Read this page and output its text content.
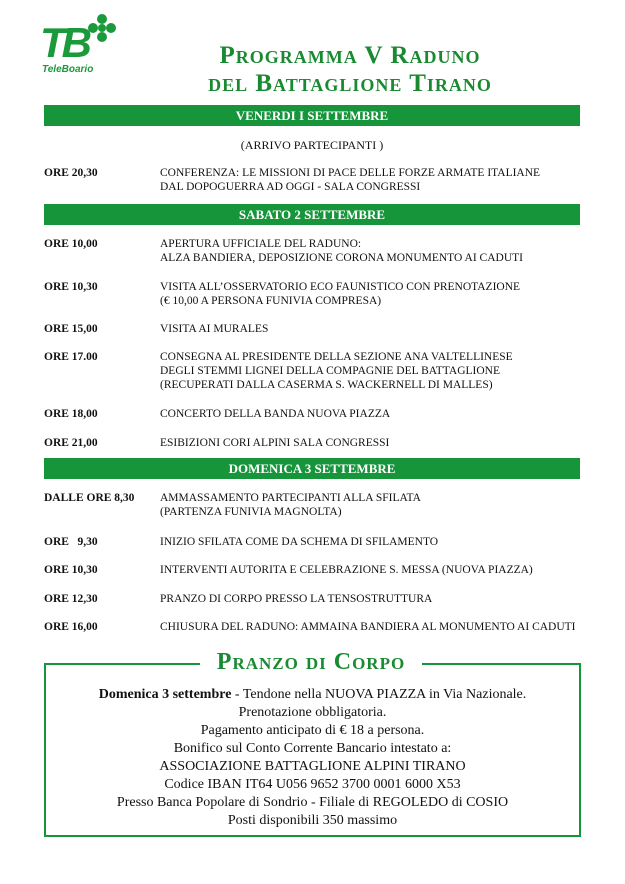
TB
TeleBoario
Programma V Raduno
del Battaglione Tirano
VENERDI I SETTEMBRE
(ARRIVO PARTECIPANTI )
ORE 20,30	CONFERENZA: LE MISSIONI DI PACE DELLE FORZE ARMATE ITALIANE
DAL DOPOGUERRA AD OGGI - SALA CONGRESSI
SABATO 2 SETTEMBRE
ORE 10,00	APERTURA UFFICIALE DEL RADUNO:
ALZA BANDIERA, DEPOSIZIONE CORONA MONUMENTO AI CADUTI
ORE 10,30	VISITA ALL’OSSERVATORIO ECO FAUNISTICO CON PRENOTAZIONE
(€ 10,00 A PERSONA FUNIVIA COMPRESA)
ORE 15,00	VISITA AI MURALES
ORE 17.00	CONSEGNA AL PRESIDENTE DELLA SEZIONE ANA VALTELLINESE
DEGLI STEMMI LIGNEI DELLA COMPAGNIE DEL BATTAGLIONE
(RECUPERATI DALLA CASERMA S. WACKERNELL DI MALLES)
ORE 18,00	CONCERTO DELLA BANDA NUOVA PIAZZA
ORE 21,00	ESIBIZIONI CORI ALPINI SALA CONGRESSI
DOMENICA 3 SETTEMBRE
DALLE ORE 8,30	AMMASSAMENTO PARTECIPANTI ALLA SFILATA
(PARTENZA FUNIVIA MAGNOLTA)
ORE   9,30	INIZIO SFILATA COME DA SCHEMA DI SFILAMENTO
ORE 10,30	INTERVENTI AUTORITA E CELEBRAZIONE S. MESSA (NUOVA PIAZZA)
ORE 12,30	PRANZO DI CORPO PRESSO LA TENSOSTRUTTURA
ORE 16,00	CHIUSURA DEL RADUNO: AMMAINA BANDIERA AL MONUMENTO AI CADUTI
Pranzo di Corpo
Domenica 3 settembre - Tendone nella NUOVA PIAZZA in Via Nazionale.
Prenotazione obbligatoria.
Pagamento anticipato di € 18 a persona.
Bonifico sul Conto Corrente Bancario intestato a:
ASSOCIAZIONE BATTAGLIONE ALPINI TIRANO
Codice IBAN IT64 U056 9652 3700 0001 6000 X53
Presso Banca Popolare di Sondrio - Filiale di REGOLEDO di COSIO
Posti disponibili 350 massimo
